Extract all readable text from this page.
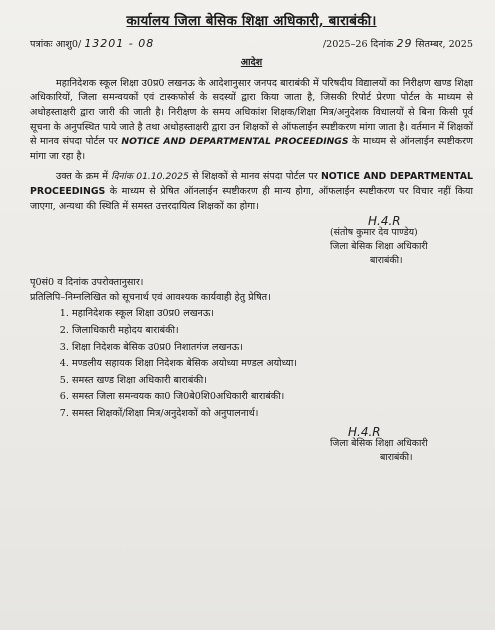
कार्यालय जिला बेसिक शिक्षा अधिकारी, बाराबंकी।
पत्रांकः आशु0/ 13201 - 08	/2025–26 दिनांक 29 सितम्बर, 2025
आदेश

महानिदेशक स्कूल शिक्षा उ0प्र0 लखनऊ के आदेशानुसार जनपद बाराबंकी में परिषदीय विद्यालयों का निरीक्षण खण्ड शिक्षा अधिकारियों, जिला समन्वयकों एवं टास्कफोर्स के सदस्यों द्वारा किया जाता है, जिसकी रिपोर्ट प्रेरणा पोर्टल के माध्यम से अधोहस्ताक्षरी द्वारा जारी की जाती है। निरीक्षण के समय अधिकांश शिक्षक/शिक्षा मित्र/अनुदेशक विधालयों से बिना किसी पूर्व सूचना के अनुपस्थित पाये जाते है तथा अधोहस्ताक्षरी द्वारा उन शिक्षकों से ऑफलाईन स्पष्टीकरण मांगा जाता है। वर्तमान में शिक्षकों से मानव संपदा पोर्टल पर NOTICE AND DEPARTMENTAL PROCEEDINGS के माध्यम से ऑनलाईन स्पष्टीकरण मांगा जा रहा है।

उक्त के क्रम में दिनांक 01.10.2025 से शिक्षकों से मानव संपदा पोर्टल पर NOTICE AND DEPARTMENTAL PROCEEDINGS के माध्यम से प्रेषित ऑनलाईन स्पष्टीकरण ही मान्य होगा, ऑफलाईन स्पष्टीकरण पर विचार नहीं किया जाएगा, अन्यथा की स्थिति में समस्त उत्तरदायित्व शिक्षकों का होगा।

H.4.R
(संतोष कुमार देव पाण्डेय)
जिला बेसिक शिक्षा अधिकारी
बाराबंकी।
पृ0सं0 व दिनांक उपरोक्तानुसार।
प्रतिलिपि–निम्नलिखित को सूचनार्थ एवं आवश्यक कार्यवाही हेतु प्रेषित।
1. महानिदेशक स्कूल शिक्षा उ0प्र0 लखनऊ।
2. जिलाधिकारी महोदय बाराबंकी।
3. शिक्षा निदेशक बेसिक उ0प्र0 निशातगंज लखनऊ।
4. मण्डलीय सहायक शिक्षा निदेशक बेसिक अयोध्या मण्डल अयोध्या।
5. समस्त खण्ड शिक्षा अधिकारी बाराबंकी।
6. समस्त जिला समन्वयक का0 जि0बे0शि0अधिकारी बाराबंकी।
7. समस्त शिक्षकों/शिक्षा मित्र/अनुदेशकों को अनुपालनार्थ।
H.4.R
जिला बेसिक शिक्षा अधिकारी
बाराबंकी।
